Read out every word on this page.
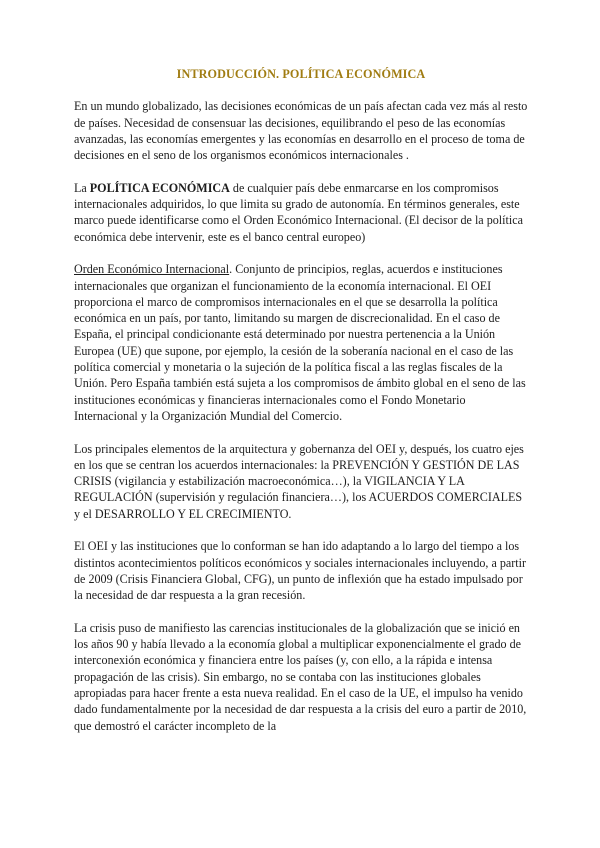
INTRODUCCIÓN. POLÍTICA ECONÓMICA

En un mundo globalizado, las decisiones económicas de un país afectan cada vez más al resto de países. Necesidad de consensuar las decisiones, equilibrando el peso de las economías avanzadas, las economías emergentes y las economías en desarrollo en el proceso de toma de decisiones en el seno de los organismos económicos internacionales .

La POLÍTICA ECONÓMICA de cualquier país debe enmarcarse en los compromisos internacionales adquiridos, lo que limita su grado de autonomía. En términos generales, este marco puede identificarse como el Orden Económico Internacional. (El decisor de la política económica debe intervenir, este es el banco central europeo)

Orden Económico Internacional. Conjunto de principios, reglas, acuerdos e instituciones internacionales que organizan el funcionamiento de la economía internacional. El OEI proporciona el marco de compromisos internacionales en el que se desarrolla la política económica en un país, por tanto, limitando su margen de discrecionalidad. En el caso de España, el principal condicionante está determinado por nuestra pertenencia a la Unión Europea (UE) que supone, por ejemplo, la cesión de la soberanía nacional en el caso de las política comercial y monetaria o la sujeción de la política fiscal a las reglas fiscales de la Unión. Pero España también está sujeta a los compromisos de ámbito global en el seno de las instituciones económicas y financieras internacionales como el Fondo Monetario Internacional y la Organización Mundial del Comercio.

Los principales elementos de la arquitectura y gobernanza del OEI y, después, los cuatro ejes en los que se centran los acuerdos internacionales: la PREVENCIÓN Y GESTIÓN DE LAS CRISIS (vigilancia y estabilización macroeconómica…), la VIGILANCIA Y LA REGULACIÓN (supervisión y regulación financiera…), los ACUERDOS COMERCIALES y el DESARROLLO Y EL CRECIMIENTO.

El OEI y las instituciones que lo conforman se han ido adaptando a lo largo del tiempo a los distintos acontecimientos políticos económicos y sociales internacionales incluyendo, a partir de 2009 (Crisis Financiera Global, CFG), un punto de inflexión que ha estado impulsado por la necesidad de dar respuesta a la gran recesión.

La crisis puso de manifiesto las carencias institucionales de la globalización que se inició en los años 90 y había llevado a la economía global a multiplicar exponencialmente el grado de interconexión económica y financiera entre los países (y, con ello, a la rápida e intensa propagación de las crisis). Sin embargo, no se contaba con las instituciones globales apropiadas para hacer frente a esta nueva realidad. En el caso de la UE, el impulso ha venido dado fundamentalmente por la necesidad de dar respuesta a la crisis del euro a partir de 2010, que demostró el carácter incompleto de la
